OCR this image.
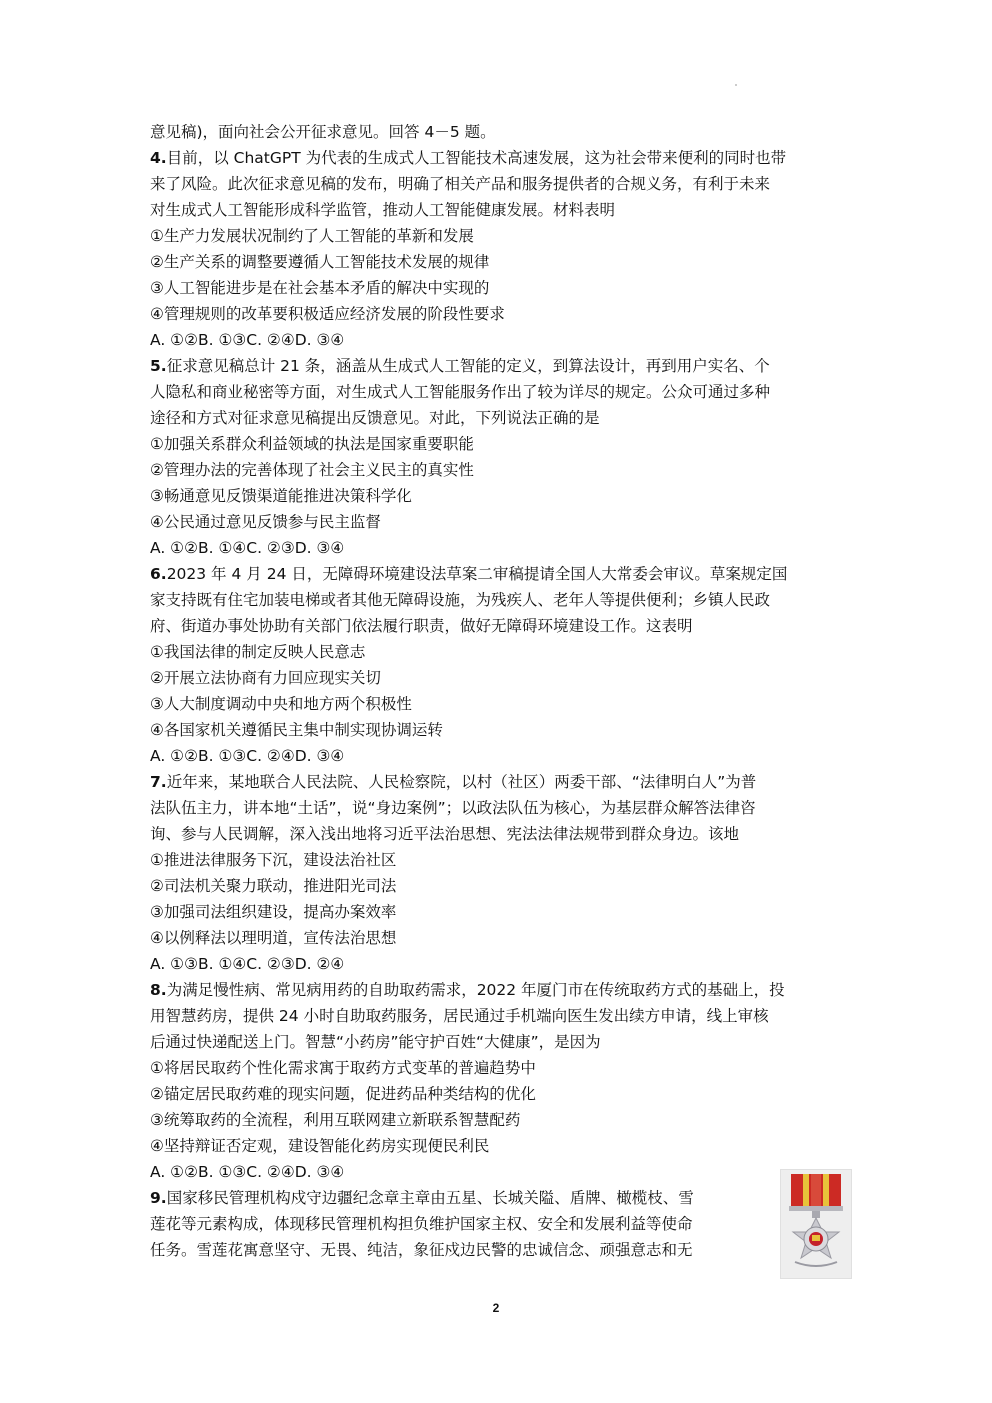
意见稿)，面向社会公开征求意见。回答 4－5 题。
4.目前，以 ChatGPT 为代表的生成式人工智能技术高速发展，这为社会带来便利的同时也带
来了风险。此次征求意见稿的发布，明确了相关产品和服务提供者的合规义务，有利于未来
对生成式人工智能形成科学监管，推动人工智能健康发展。材料表明
①生产力发展状况制约了人工智能的革新和发展
②生产关系的调整要遵循人工智能技术发展的规律
③人工智能进步是在社会基本矛盾的解决中实现的
④管理规则的改革要积极适应经济发展的阶段性要求
A. ①②B. ①③C. ②④D. ③④
5.征求意见稿总计 21 条，涵盖从生成式人工智能的定义，到算法设计，再到用户实名、个
人隐私和商业秘密等方面，对生成式人工智能服务作出了较为详尽的规定。公众可通过多种
途径和方式对征求意见稿提出反馈意见。对此，下列说法正确的是
①加强关系群众利益领域的执法是国家重要职能
②管理办法的完善体现了社会主义民主的真实性
③畅通意见反馈渠道能推进决策科学化
④公民通过意见反馈参与民主监督
A. ①②B. ①④C. ②③D. ③④
6.2023 年 4 月 24 日，无障碍环境建设法草案二审稿提请全国人大常委会审议。草案规定国
家支持既有住宅加装电梯或者其他无障碍设施，为残疾人、老年人等提供便利；乡镇人民政
府、街道办事处协助有关部门依法履行职责，做好无障碍环境建设工作。这表明
①我国法律的制定反映人民意志
②开展立法协商有力回应现实关切
③人大制度调动中央和地方两个积极性
④各国家机关遵循民主集中制实现协调运转
A. ①②B. ①③C. ②④D. ③④
7.近年来，某地联合人民法院、人民检察院，以村（社区）两委干部、“法律明白人”为普
法队伍主力，讲本地“土话”，说“身边案例”；以政法队伍为核心，为基层群众解答法律咨
询、参与人民调解，深入浅出地将习近平法治思想、宪法法律法规带到群众身边。该地
①推进法律服务下沉，建设法治社区
②司法机关聚力联动，推进阳光司法
③加强司法组织建设，提高办案效率
④以例释法以理明道，宣传法治思想
A. ①③B. ①④C. ②③D. ②④
8.为满足慢性病、常见病用药的自助取药需求，2022 年厦门市在传统取药方式的基础上，投
用智慧药房，提供 24 小时自助取药服务，居民通过手机端向医生发出续方申请，线上审核
后通过快递配送上门。智慧“小药房”能守护百姓“大健康”，是因为
①将居民取药个性化需求寓于取药方式变革的普遍趋势中
②锚定居民取药难的现实问题，促进药品种类结构的优化
③统筹取药的全流程，利用互联网建立新联系智慧配药
④坚持辩证否定观，建设智能化药房实现便民利民
A. ①②B. ①③C. ②④D. ③④
9.国家移民管理机构戍守边疆纪念章主章由五星、长城关隘、盾牌、橄榄枝、雪
莲花等元素构成，体现移民管理机构担负维护国家主权、安全和发展利益等使命
任务。雪莲花寓意坚守、无畏、纯洁，象征戍边民警的忠诚信念、顽强意志和无
2
